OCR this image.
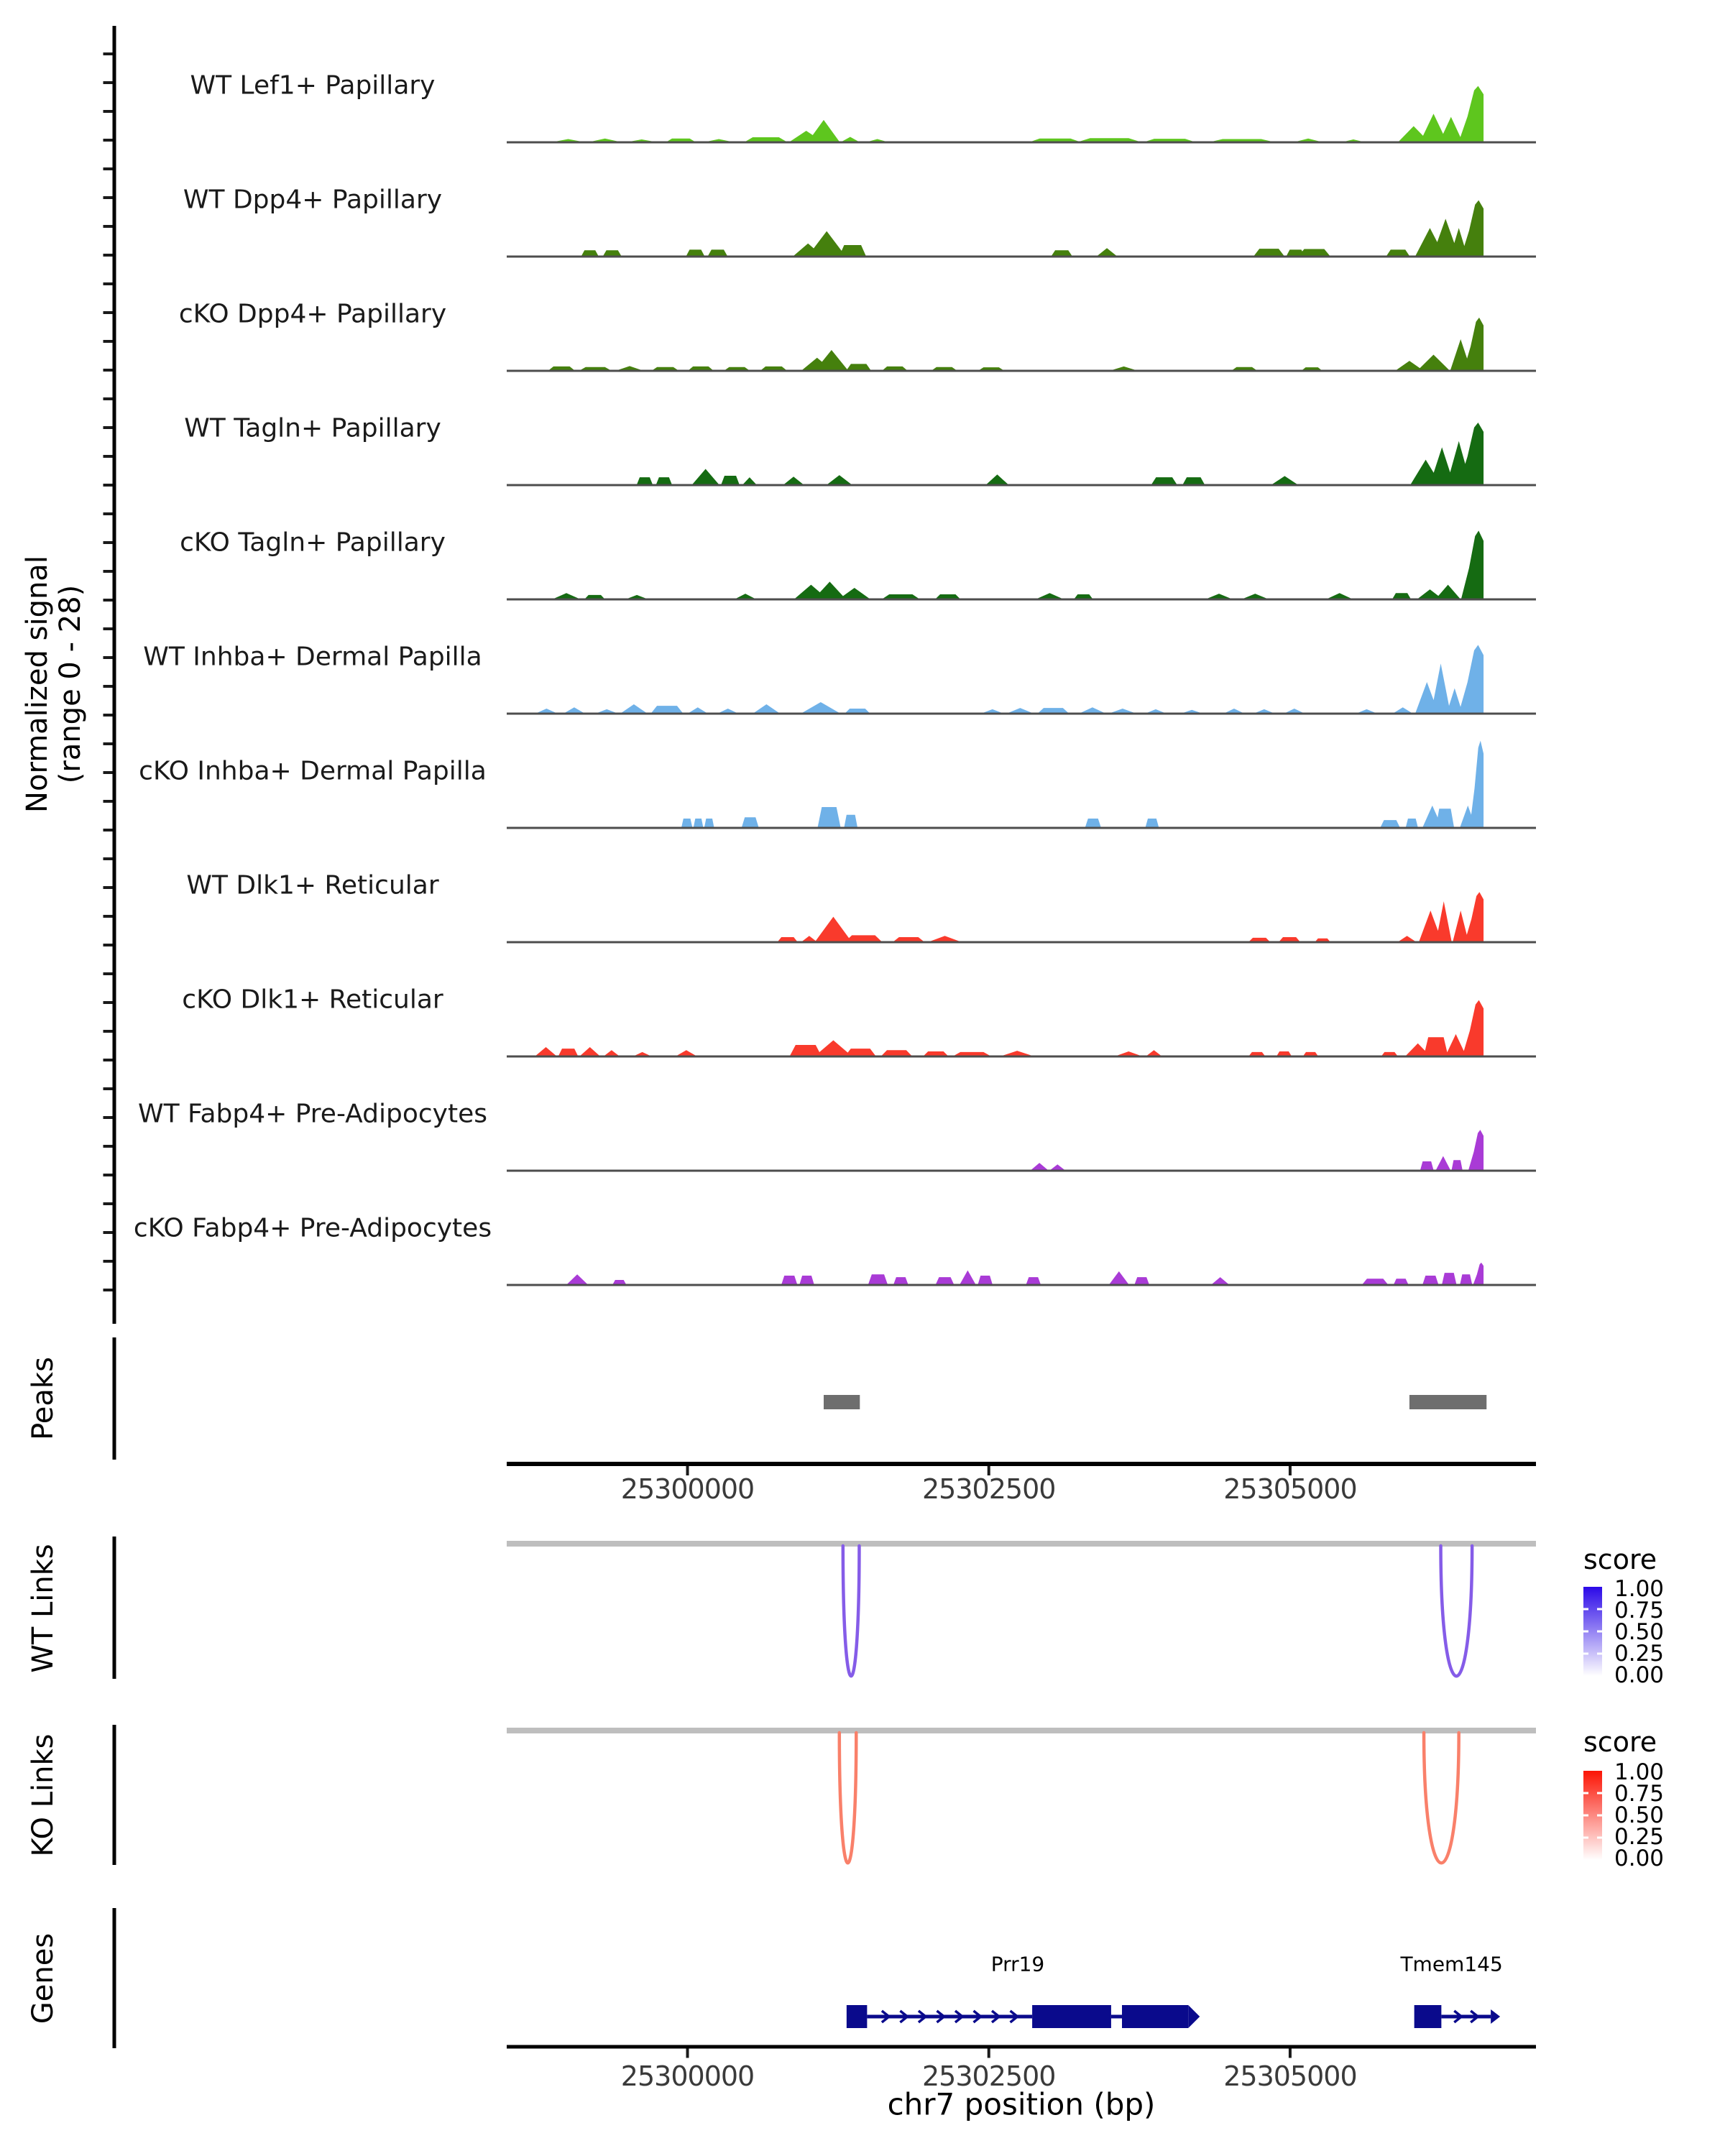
Normalized signal (range 0 - 28)
Peaks
WT Links
KO Links
Genes
score
score
chr7 position (bp)
WT Lef1+ Papillary
WT Dpp4+ Papillary
cKO Dpp4+ Papillary
WT Tagln+ Papillary
cKO Tagln+ Papillary
WT Inhba+ Dermal Papilla
cKO Inhba+ Dermal Papilla
WT Dlk1+ Reticular
cKO Dlk1+ Reticular
WT Fabp4+ Pre-Adipocytes
cKO Fabp4+ Pre-Adipocytes
25300000	25302500	25305000
1.00
0.75
0.50
0.25
0.00
1.00
0.75
0.50
0.25
0.00
Prr19	Tmem145
25300000	25302500	25305000
